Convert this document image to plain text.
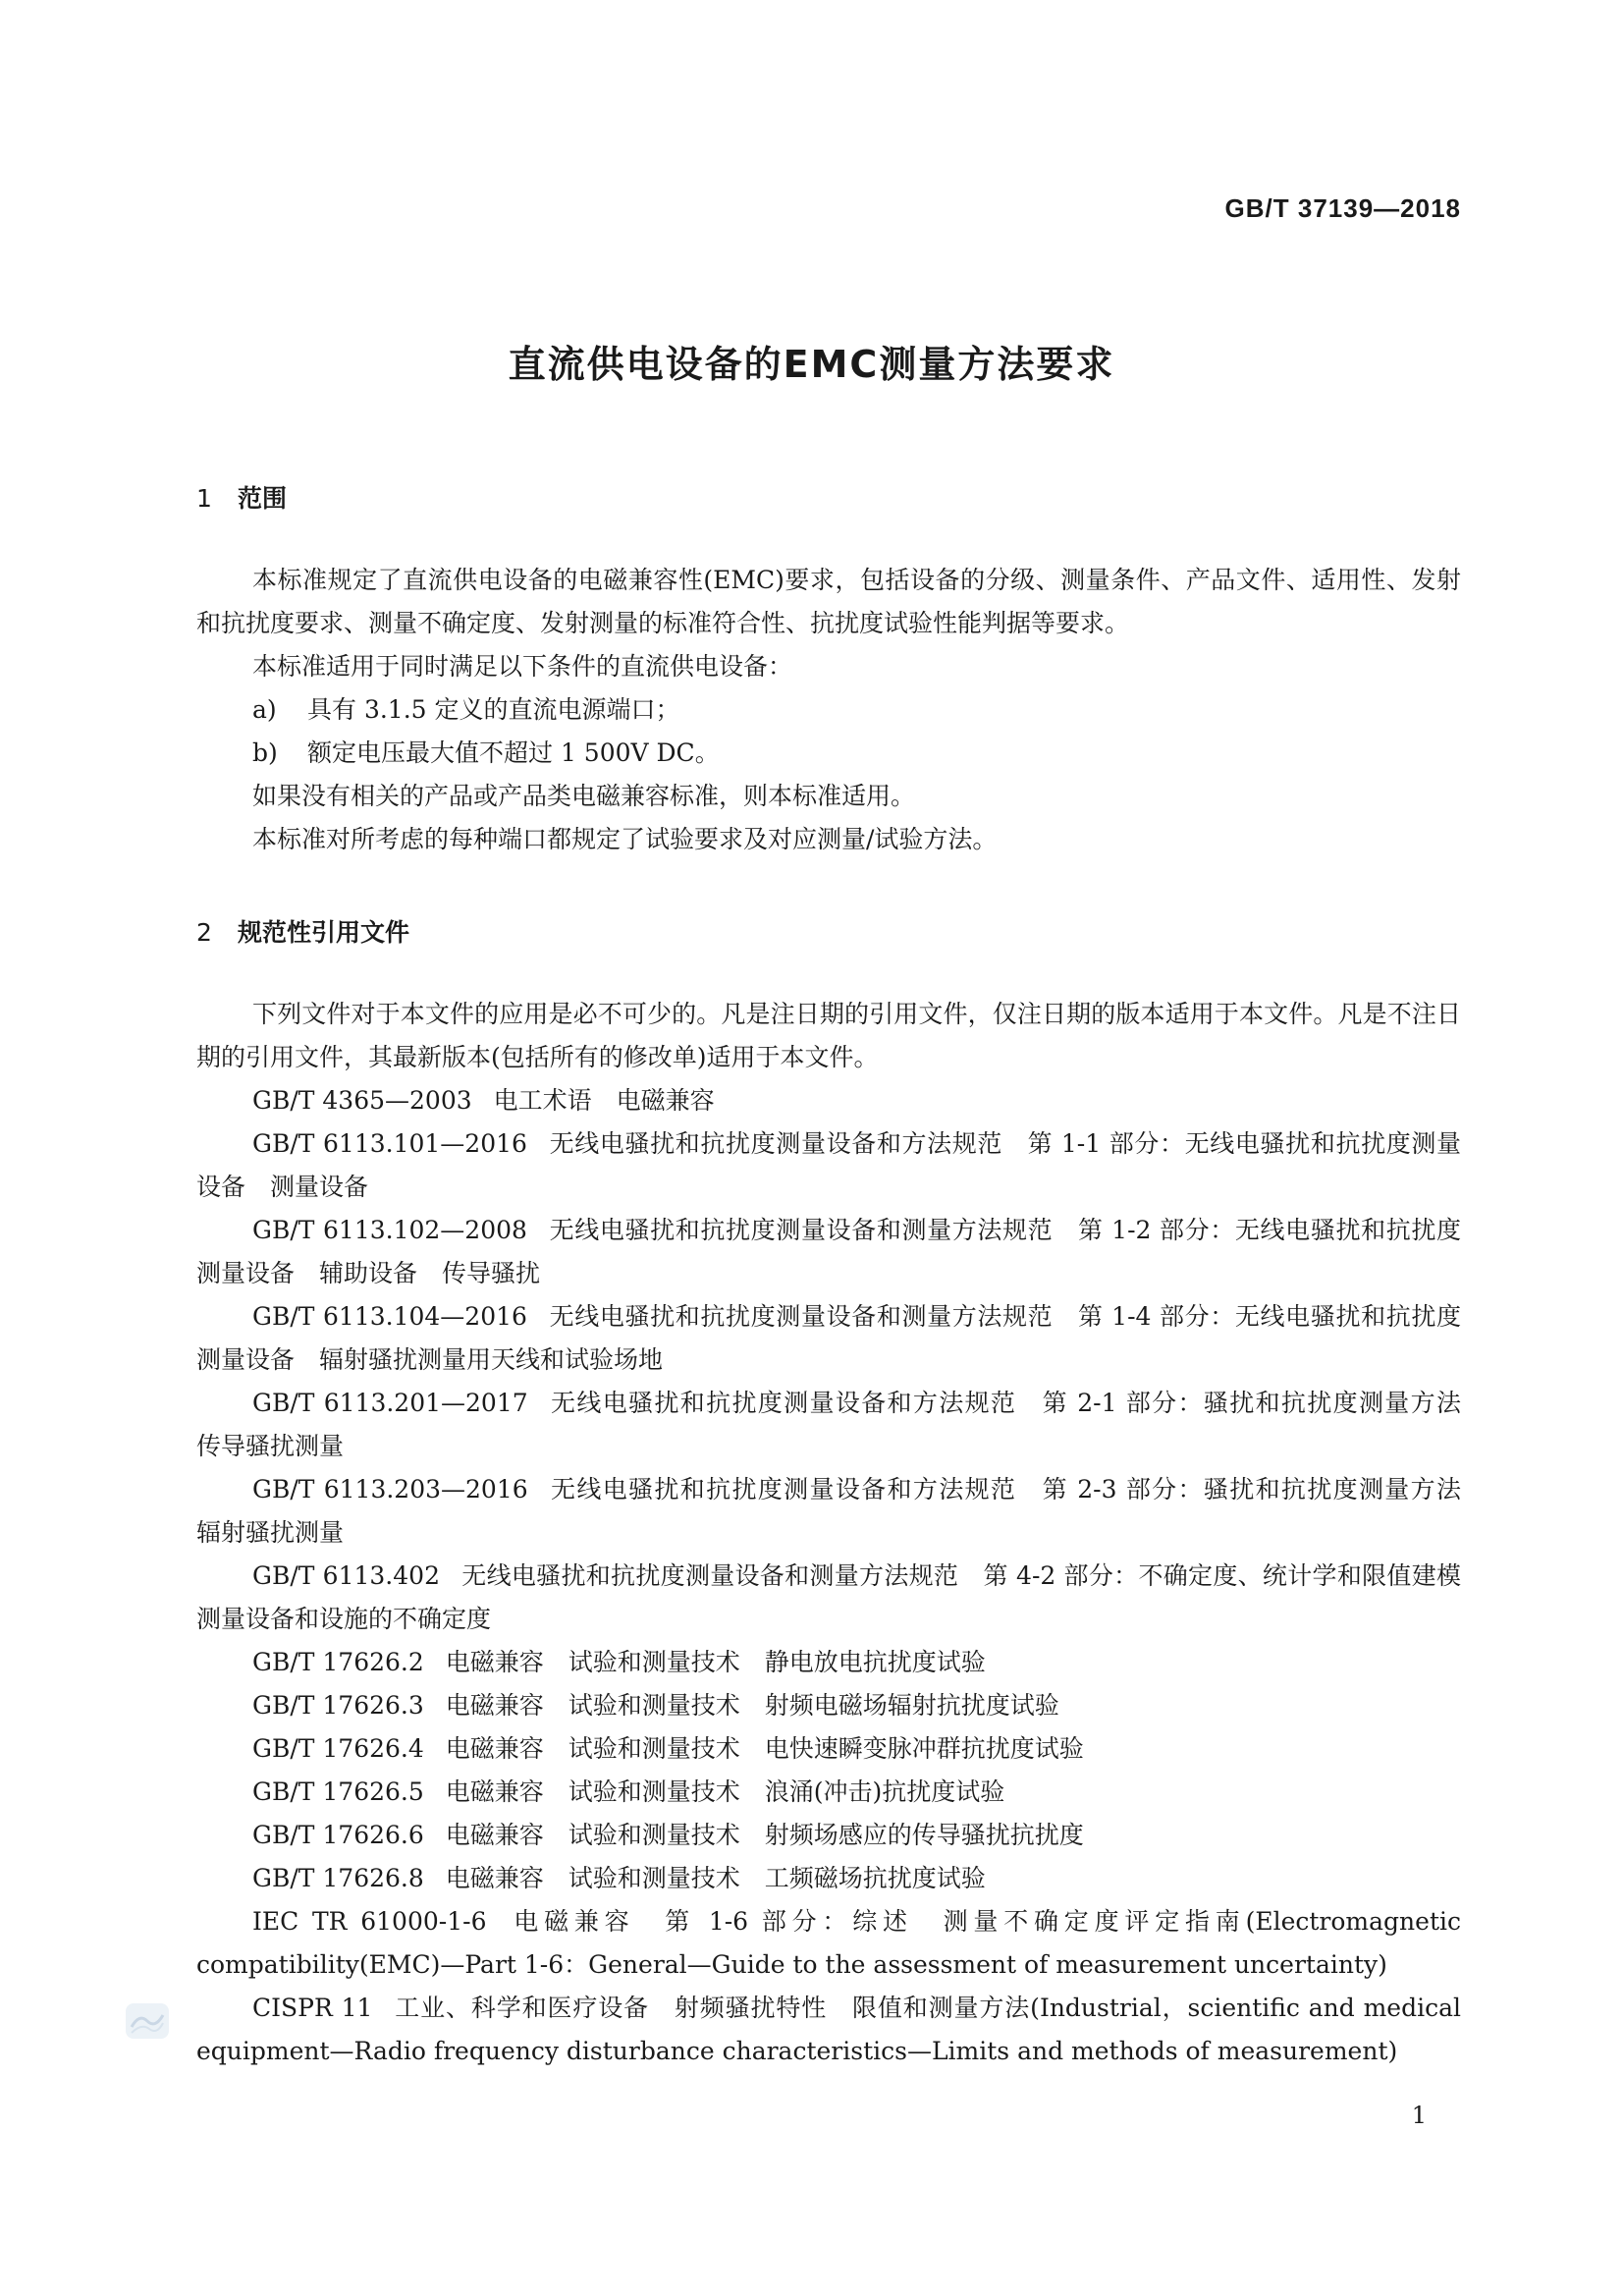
GB/T 37139—2018
直流供电设备的EMC测量方法要求
1 范围
本标准规定了直流供电设备的电磁兼容性(EMC)要求，包括设备的分级、测量条件、产品文件、适用性、发射和抗扰度要求、测量不确定度、发射测量的标准符合性、抗扰度试验性能判据等要求。
本标准适用于同时满足以下条件的直流供电设备：
a) 具有 3.1.5 定义的直流电源端口；
b) 额定电压最大值不超过 1 500V DC。
如果没有相关的产品或产品类电磁兼容标准，则本标准适用。
本标准对所考虑的每种端口都规定了试验要求及对应测量/试验方法。
2 规范性引用文件
下列文件对于本文件的应用是必不可少的。凡是注日期的引用文件，仅注日期的版本适用于本文件。凡是不注日期的引用文件，其最新版本(包括所有的修改单)适用于本文件。
GB/T 4365—2003 电工术语　电磁兼容
GB/T 6113.101—2016 无线电骚扰和抗扰度测量设备和方法规范　第 1-1 部分：无线电骚扰和抗扰度测量设备　测量设备
GB/T 6113.102—2008 无线电骚扰和抗扰度测量设备和测量方法规范　第 1-2 部分：无线电骚扰和抗扰度测量设备　辅助设备　传导骚扰
GB/T 6113.104—2016 无线电骚扰和抗扰度测量设备和测量方法规范　第 1-4 部分：无线电骚扰和抗扰度测量设备　辐射骚扰测量用天线和试验场地
GB/T 6113.201—2017 无线电骚扰和抗扰度测量设备和方法规范　第 2-1 部分：骚扰和抗扰度测量方法　传导骚扰测量
GB/T 6113.203—2016 无线电骚扰和抗扰度测量设备和方法规范　第 2-3 部分：骚扰和抗扰度测量方法　辐射骚扰测量
GB/T 6113.402 无线电骚扰和抗扰度测量设备和测量方法规范　第 4-2 部分：不确定度、统计学和限值建模　测量设备和设施的不确定度
GB/T 17626.2 电磁兼容　试验和测量技术　静电放电抗扰度试验
GB/T 17626.3 电磁兼容　试验和测量技术　射频电磁场辐射抗扰度试验
GB/T 17626.4 电磁兼容　试验和测量技术　电快速瞬变脉冲群抗扰度试验
GB/T 17626.5 电磁兼容　试验和测量技术　浪涌(冲击)抗扰度试验
GB/T 17626.6 电磁兼容　试验和测量技术　射频场感应的传导骚扰抗扰度
GB/T 17626.8 电磁兼容　试验和测量技术　工频磁场抗扰度试验
IEC TR 61000-1-6 电磁兼容　第 1-6 部分：综述　测量不确定度评定指南(Electromagnetic compatibility(EMC)—Part 1-6：General—Guide to the assessment of measurement uncertainty)
CISPR 11 工业、科学和医疗设备　射频骚扰特性　限值和测量方法(Industrial，scientific and medical equipment—Radio frequency disturbance characteristics—Limits and methods of measurement)
1
